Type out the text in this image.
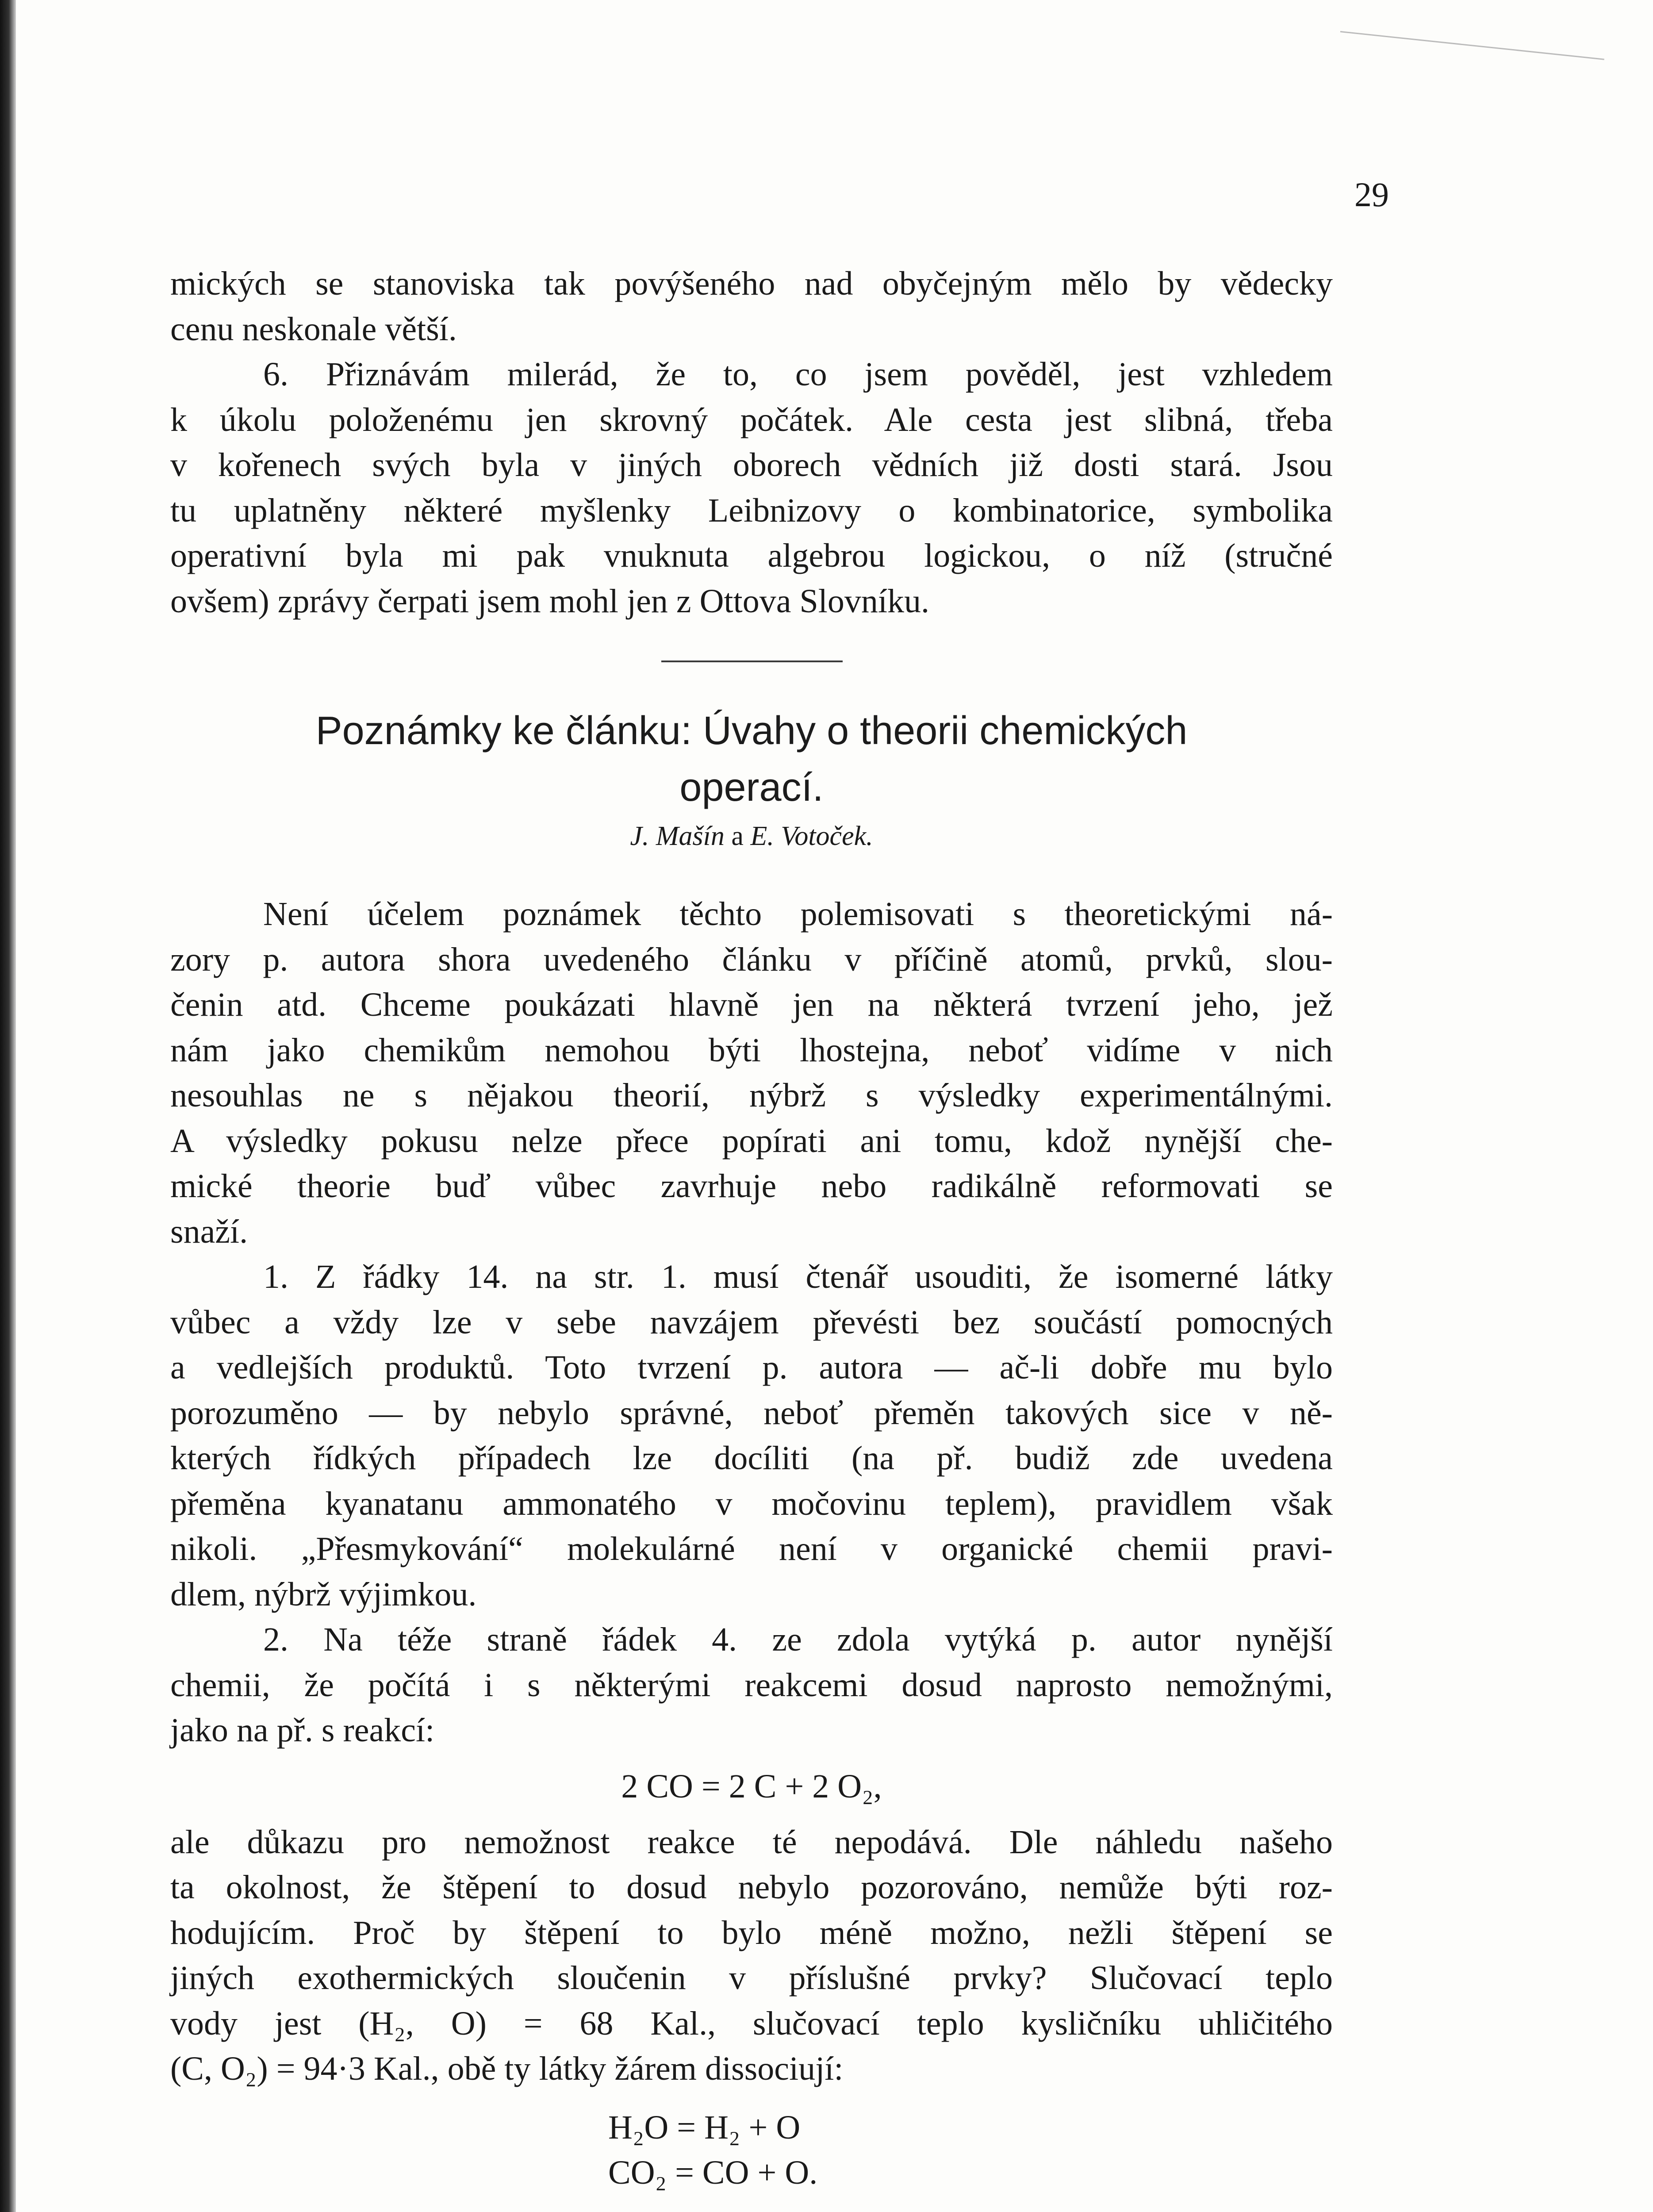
29
mických se stanoviska tak povýšeného nad obyčejným mělo by vědecky
cenu neskonale větší.
6. Přiznávám milerád, že to, co jsem pověděl, jest vzhledem
k úkolu položenému jen skrovný počátek. Ale cesta jest slibná, třeba
v kořenech svých byla v jiných oborech vědních již dosti stará. Jsou
tu uplatněny některé myšlenky Leibnizovy o kombinatorice, symbolika
operativní byla mi pak vnuknuta algebrou logickou, o níž (stručné
ovšem) zprávy čerpati jsem mohl jen z Ottova Slovníku.
Poznámky ke článku: Úvahy o theorii chemických
operací.
J. Mašín a E. Votoček.
Není účelem poznámek těchto polemisovati s theoretickými ná-
zory p. autora shora uvedeného článku v příčině atomů, prvků, slou-
čenin atd. Chceme poukázati hlavně jen na některá tvrzení jeho, jež
nám jako chemikům nemohou býti lhostejna, neboť vidíme v nich
nesouhlas ne s nějakou theorií, nýbrž s výsledky experimentálnými.
A výsledky pokusu nelze přece popírati ani tomu, kdož nynější che-
mické theorie buď vůbec zavrhuje nebo radikálně reformovati se
snaží.
1. Z řádky 14. na str. 1. musí čtenář usouditi, že isomerné látky
vůbec a vždy lze v sebe navzájem převésti bez součástí pomocných
a vedlejších produktů. Toto tvrzení p. autora — ač-li dobře mu bylo
porozuměno — by nebylo správné, neboť přeměn takových sice v ně-
kterých řídkých případech lze docíliti (na př. budiž zde uvedena
přeměna kyanatanu ammonatého v močovinu teplem), pravidlem však
nikoli. „Přesmykování“ molekulárné není v organické chemii pravi-
dlem, nýbrž výjimkou.
2. Na téže straně řádek 4. ze zdola vytýká p. autor nynější
chemii, že počítá i s některými reakcemi dosud naprosto nemožnými,
jako na př. s reakcí:
2 CO = 2 C + 2 O₂,
ale důkazu pro nemožnost reakce té nepodává. Dle náhledu našeho
ta okolnost, že štěpení to dosud nebylo pozorováno, nemůže býti roz-
hodujícím. Proč by štěpení to bylo méně možno, nežli štěpení se
jiných exothermických sloučenin v příslušné prvky? Slučovací teplo
vody jest (H₂, O) = 68 Kal., slučovací teplo kysličníku uhličitého
(C, O₂) = 94·3 Kal., obě ty látky žárem dissociují:
H₂O = H₂ + O
CO₂ = CO + O.
